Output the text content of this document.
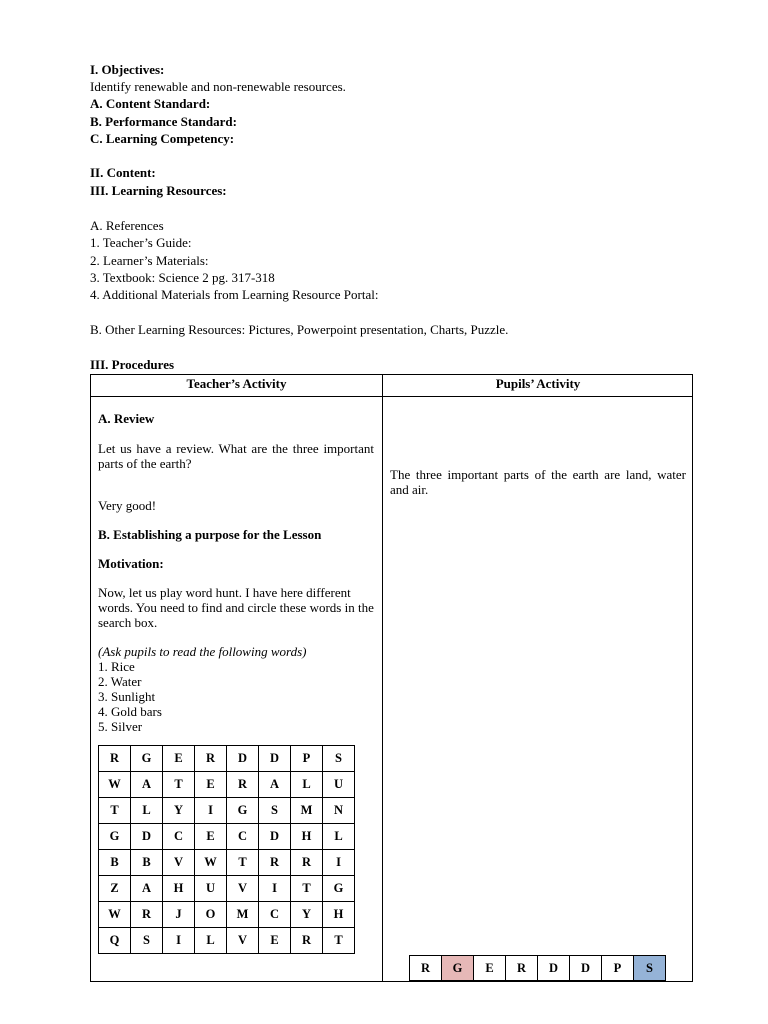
I. Objectives:
Identify renewable and non-renewable resources.
A. Content Standard:
B. Performance Standard:
C. Learning Competency:
II. Content:
III. Learning Resources:
A. References
1. Teacher’s Guide:
2. Learner’s Materials:
3. Textbook: Science 2 pg. 317-318
4. Additional Materials from Learning Resource Portal:
B. Other Learning Resources: Pictures, Powerpoint presentation, Charts, Puzzle.
III. Procedures
Teacher’s Activity	Pupils’ Activity
A. Review
Let us have a review. What are the three important parts of the earth?
Very good!
B. Establishing a purpose for the Lesson
Motivation:
Now, let us play word hunt. I have here different words. You need to find and circle these words in the search box.
(Ask pupils to read the following words)
1. Rice
2. Water
3. Sunlight
4. Gold bars
5. Silver
R	G	E	R	D	D	P	S
W	A	T	E	R	A	L	U
T	L	Y	I	G	S	M	N
G	D	C	E	C	D	H	L
B	B	V	W	T	R	R	I
Z	A	H	U	V	I	T	G
W	R	J	O	M	C	Y	H
Q	S	I	L	V	E	R	T
The three important parts of the earth are land, water and air.
R	G	E	R	D	D	P	S
